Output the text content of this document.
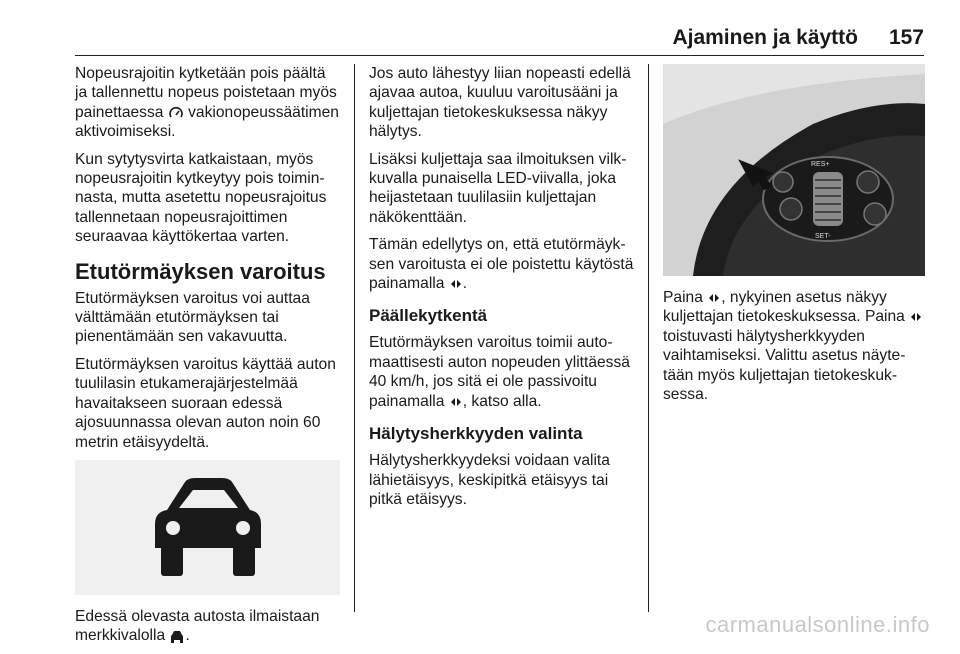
Ajaminen ja käyttö 157

Nopeusrajoitin kytketään pois päältä ja tallennettu nopeus poistetaan myös painettaessa vakionopeussäätimen aktivoimiseksi.

Kun sytytysvirta katkaistaan, myös nopeusrajoitin kytkeytyy pois toiminnasta, mutta asetettu nopeusrajoitus tallennetaan nopeusrajoittimen seuraavaa käyttökertaa varten.

Etutörmäyksen varoitus

Etutörmäyksen varoitus voi auttaa välttämään etutörmäyksen tai pienentämään sen vakavuutta.

Etutörmäyksen varoitus käyttää auton tuulilasin etukamerajärjestelmää havaitakseen suoraan edessä ajosuunnassa olevan auton noin 60 metrin etäisyydeltä.

Edessä olevasta autosta ilmaistaan merkkivalolla .

Jos auto lähestyy liian nopeasti edellä ajavaa autoa, kuuluu varoitusääni ja kuljettajan tietokeskuksessa näkyy hälytys.

Lisäksi kuljettaja saa ilmoituksen vilkkuvalla punaisella LED-viivalla, joka heijastetaan tuulilasiin kuljettajan näkökenttään.

Tämän edellytys on, että etutörmäyksen varoitusta ei ole poistettu käytöstä painamalla .

Päällekytkentä

Etutörmäyksen varoitus toimii automaattisesti auton nopeuden ylittäessä 40 km/h, jos sitä ei ole passivoitu painamalla , katso alla.

Hälytysherkkyyden valinta

Hälytysherkkyydeksi voidaan valita lähietäisyys, keskipitkä etäisyys tai pitkä etäisyys.

RES+
SET-

Paina , nykyinen asetus näkyy kuljettajan tietokeskuksessa. Paina  toistuvasti hälytysherkkyyden vaihtamiseksi. Valittu asetus näytetään myös kuljettajan tietokeskuksessa.

carmanualsonline.info
